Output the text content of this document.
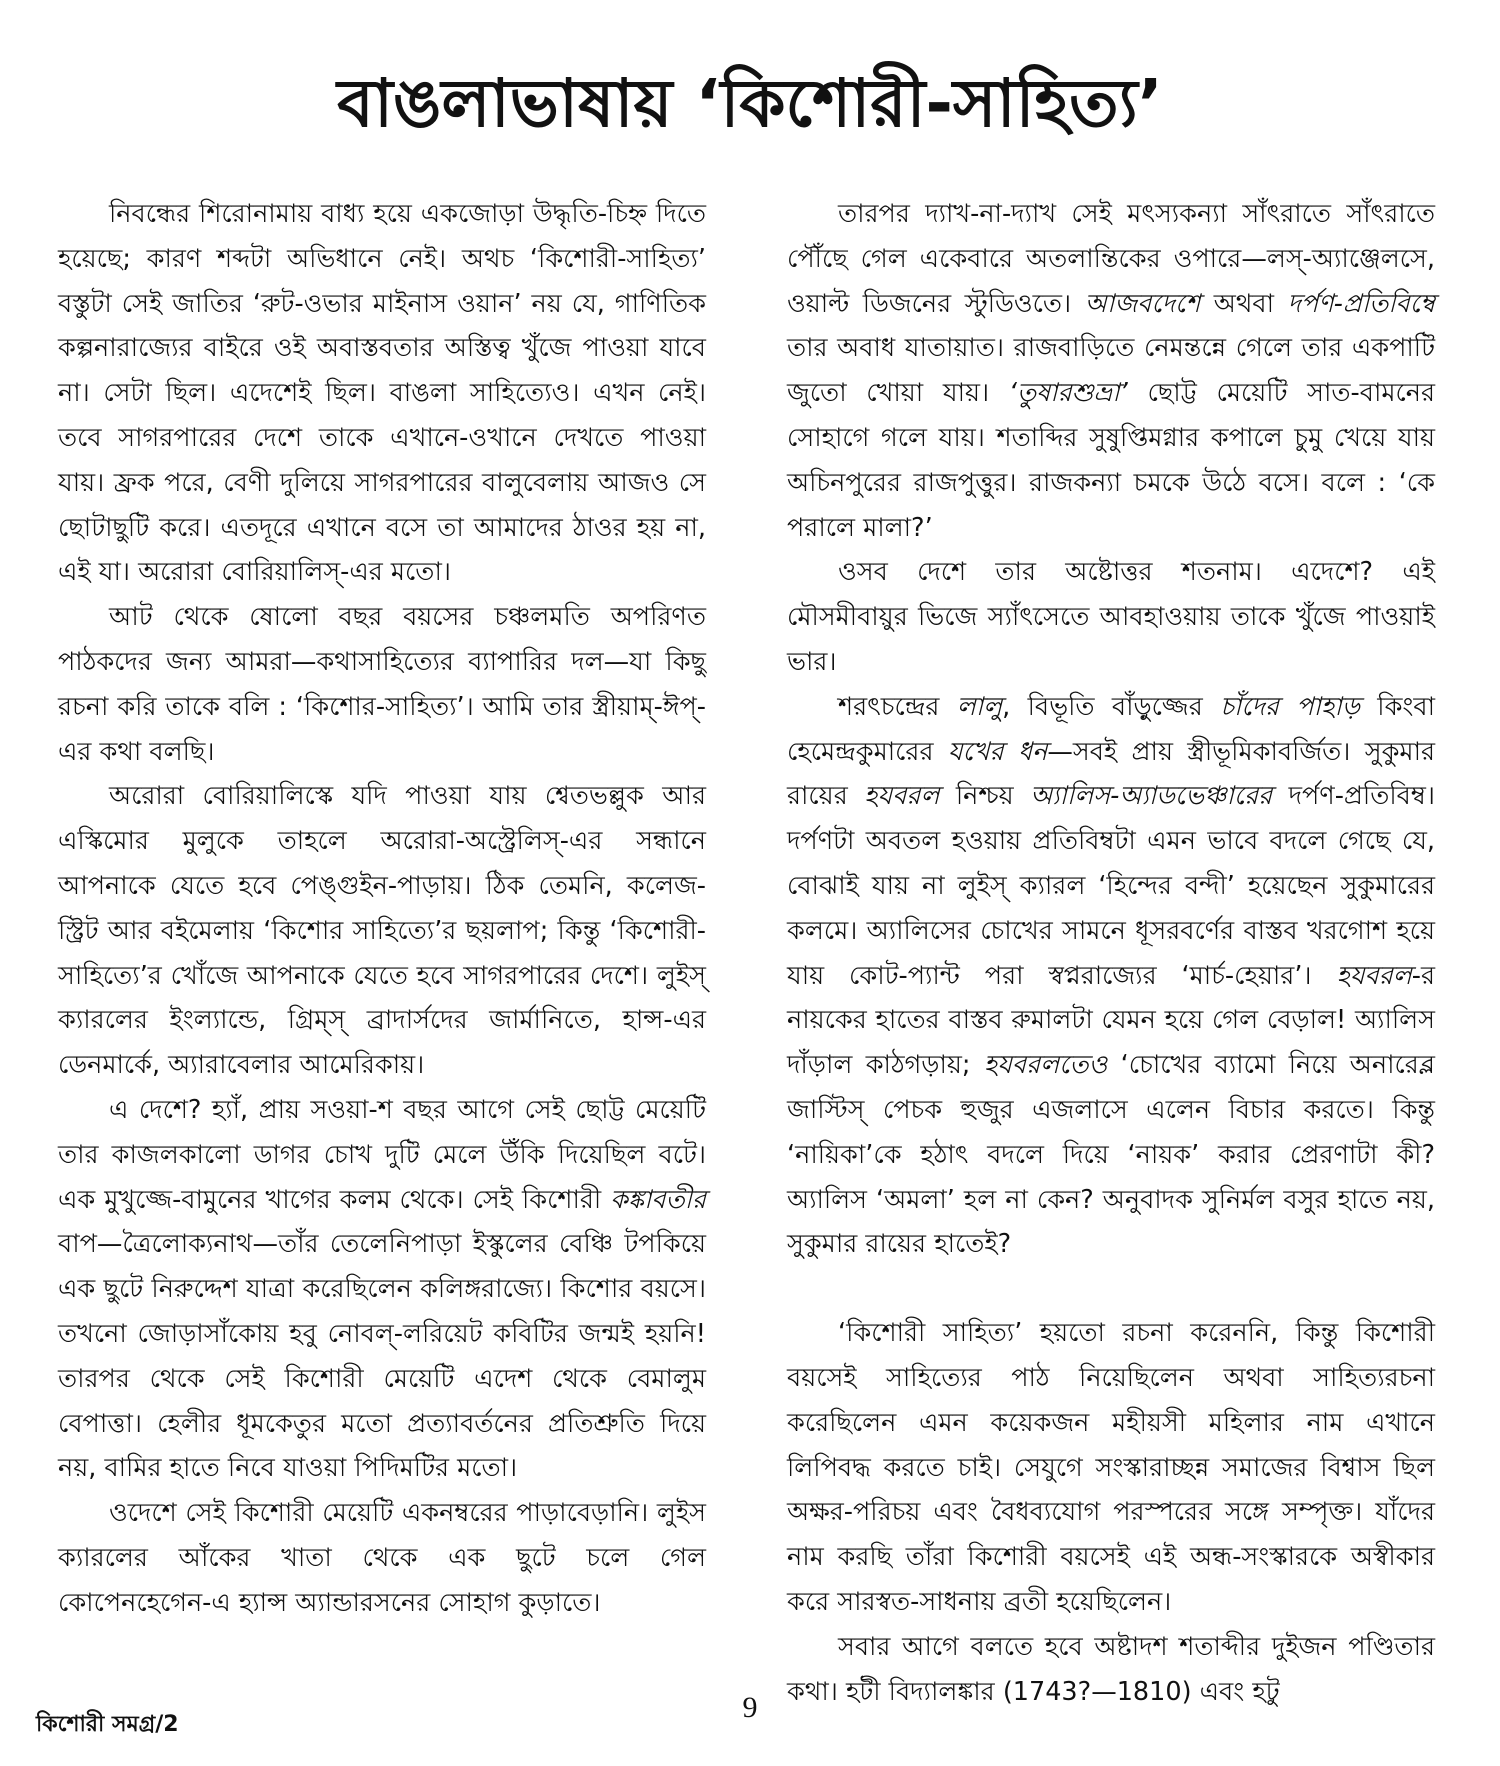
বাঙলাভাষায় ‘কিশোরী-সাহিত্য’

নিবন্ধের শিরোনামায় বাধ্য হয়ে একজোড়া উদ্ধৃতি-চিহ্ন দিতে হয়েছে; কারণ শব্দটা অভিধানে নেই। অথচ ‘কিশোরী-সাহিত্য’ বস্তুটা সেই জাতির ‘রুট-ওভার মাইনাস ওয়ান’ নয় যে, গাণিতিক কল্পনারাজ্যের বাইরে ওই অবাস্তবতার অস্তিত্ব খুঁজে পাওয়া যাবে না। সেটা ছিল। এদেশেই ছিল। বাঙলা সাহিত্যেও। এখন নেই। তবে সাগরপারের দেশে তাকে এখানে-ওখানে দেখতে পাওয়া যায়। ফ্রক পরে, বেণী দুলিয়ে সাগরপারের বালুবেলায় আজও সে ছোটাছুটি করে। এতদূরে এখানে বসে তা আমাদের ঠাওর হয় না, এই যা। অরোরা বোরিয়ালিস্-এর মতো।

আট থেকে ষোলো বছর বয়সের চঞ্চলমতি অপরিণত পাঠকদের জন্য আমরা—কথাসাহিত্যের ব্যাপারির দল—যা কিছু রচনা করি তাকে বলি : ‘কিশোর-সাহিত্য’। আমি তার স্ত্রীয়াম্-ঈপ্-এর কথা বলছি।

অরোরা বোরিয়ালিস্কে যদি পাওয়া যায় শ্বেতভল্লুক আর এস্কিমোর মুলুকে তাহলে অরোরা-অস্ট্রেলিস্-এর সন্ধানে আপনাকে যেতে হবে পেঙ্গুইন-পাড়ায়। ঠিক তেমনি, কলেজ-স্ট্রিট আর বইমেলায় ‘কিশোর সাহিত্যে’র ছয়লাপ; কিন্তু ‘কিশোরী-সাহিত্যে’র খোঁজে আপনাকে যেতে হবে সাগরপারের দেশে। লুইস্ ক্যারলের ইংল্যান্ডে, গ্রিম্স্ ব্রাদার্সদের জার্মানিতে, হান্স-এর ডেনমার্কে, অ্যারাবেলার আমেরিকায়।

এ দেশে? হ্যাঁ, প্রায় সওয়া-শ বছর আগে সেই ছোট্ট মেয়েটি তার কাজলকালো ডাগর চোখ দুটি মেলে উঁকি দিয়েছিল বটে। এক মুখুজ্জে-বামুনের খাগের কলম থেকে। সেই কিশোরী কঙ্কাবতীর বাপ—ত্রৈলোক্যনাথ—তাঁর তেলেনিপাড়া ইস্কুলের বেঞ্চি টপকিয়ে এক ছুটে নিরুদ্দেশ যাত্রা করেছিলেন কলিঙ্গরাজ্যে। কিশোর বয়সে। তখনো জোড়াসাঁকোয় হবু নোবল্-লরিয়েট কবিটির জন্মই হয়নি! তারপর থেকে সেই কিশোরী মেয়েটি এদেশ থেকে বেমালুম বেপাত্তা। হেলীর ধূমকেতুর মতো প্রত্যাবর্তনের প্রতিশ্রুতি দিয়ে নয়, বামির হাতে নিবে যাওয়া পিদিমটির মতো।

ওদেশে সেই কিশোরী মেয়েটি একনম্বরের পাড়াবেড়ানি। লুইস ক্যারলের আঁকের খাতা থেকে এক ছুটে চলে গেল কোপেনহেগেন-এ হ্যান্স অ্যান্ডারসনের সোহাগ কুড়াতে।

তারপর দ্যাখ-না-দ্যাখ সেই মৎস্যকন্যা সাঁৎরাতে সাঁৎরাতে পৌঁছে গেল একেবারে অতলান্তিকের ওপারে—লস্-অ্যাঞ্জেলসে, ওয়াল্ট ডিজনের স্টুডিওতে। আজবদেশে অথবা দর্পণ-প্রতিবিম্বে তার অবাধ যাতায়াত। রাজবাড়িতে নেমন্তন্নে গেলে তার একপাটি জুতো খোয়া যায়। ‘তুষারশুভ্রা’ ছোট্ট মেয়েটি সাত-বামনের সোহাগে গলে যায়। শতাব্দির সুষুপ্তিমগ্নার কপালে চুমু খেয়ে যায় অচিনপুরের রাজপুত্তুর। রাজকন্যা চমকে উঠে বসে। বলে : ‘কে পরালে মালা?’

ওসব দেশে তার অষ্টোত্তর শতনাম। এদেশে? এই মৌসমীবায়ুর ভিজে স্যাঁৎসেতে আবহাওয়ায় তাকে খুঁজে পাওয়াই ভার।

শরৎচন্দ্রের লালু, বিভূতি বাঁড়ুজ্জের চাঁদের পাহাড় কিংবা হেমেন্দ্রকুমারের যখের ধন—সবই প্রায় স্ত্রীভূমিকাবর্জিত। সুকুমার রায়ের হযবরল নিশ্চয় অ্যালিস-অ্যাডভেঞ্চারের দর্পণ-প্রতিবিম্ব। দর্পণটা অবতল হওয়ায় প্রতিবিম্বটা এমন ভাবে বদলে গেছে যে, বোঝাই যায় না লুইস্ ক্যারল ‘হিন্দের বন্দী’ হয়েছেন সুকুমারের কলমে। অ্যালিসের চোখের সামনে ধূসরবর্ণের বাস্তব খরগোশ হয়ে যায় কোট-প্যান্ট পরা স্বপ্নরাজ্যের ‘মার্চ-হেয়ার’। হযবরল-র নায়কের হাতের বাস্তব রুমালটা যেমন হয়ে গেল বেড়াল! অ্যালিস দাঁড়াল কাঠগড়ায়; হযবরলতেও ‘চোখের ব্যামো নিয়ে অনারেব্ল জাস্টিস্ পেচক হুজুর এজলাসে এলেন বিচার করতে। কিন্তু ‘নায়িকা’কে হঠাৎ বদলে দিয়ে ‘নায়ক’ করার প্রেরণাটা কী? অ্যালিস ‘অমলা’ হল না কেন? অনুবাদক সুনির্মল বসুর হাতে নয়, সুকুমার রায়ের হাতেই?

‘কিশোরী সাহিত্য’ হয়তো রচনা করেননি, কিন্তু কিশোরী বয়সেই সাহিত্যের পাঠ নিয়েছিলেন অথবা সাহিত্যরচনা করেছিলেন এমন কয়েকজন মহীয়সী মহিলার নাম এখানে লিপিবদ্ধ করতে চাই। সেযুগে সংস্কারাচ্ছন্ন সমাজের বিশ্বাস ছিল অক্ষর-পরিচয় এবং বৈধব্যযোগ পরস্পরের সঙ্গে সম্পৃক্ত। যাঁদের নাম করছি তাঁরা কিশোরী বয়সেই এই অন্ধ-সংস্কারকে অস্বীকার করে সারস্বত-সাধনায় ব্রতী হয়েছিলেন।

সবার আগে বলতে হবে অষ্টাদশ শতাব্দীর দুইজন পণ্ডিতার কথা। হটী বিদ্যালঙ্কার (1743?—1810) এবং হটু

কিশোরী সমগ্র/2
9
